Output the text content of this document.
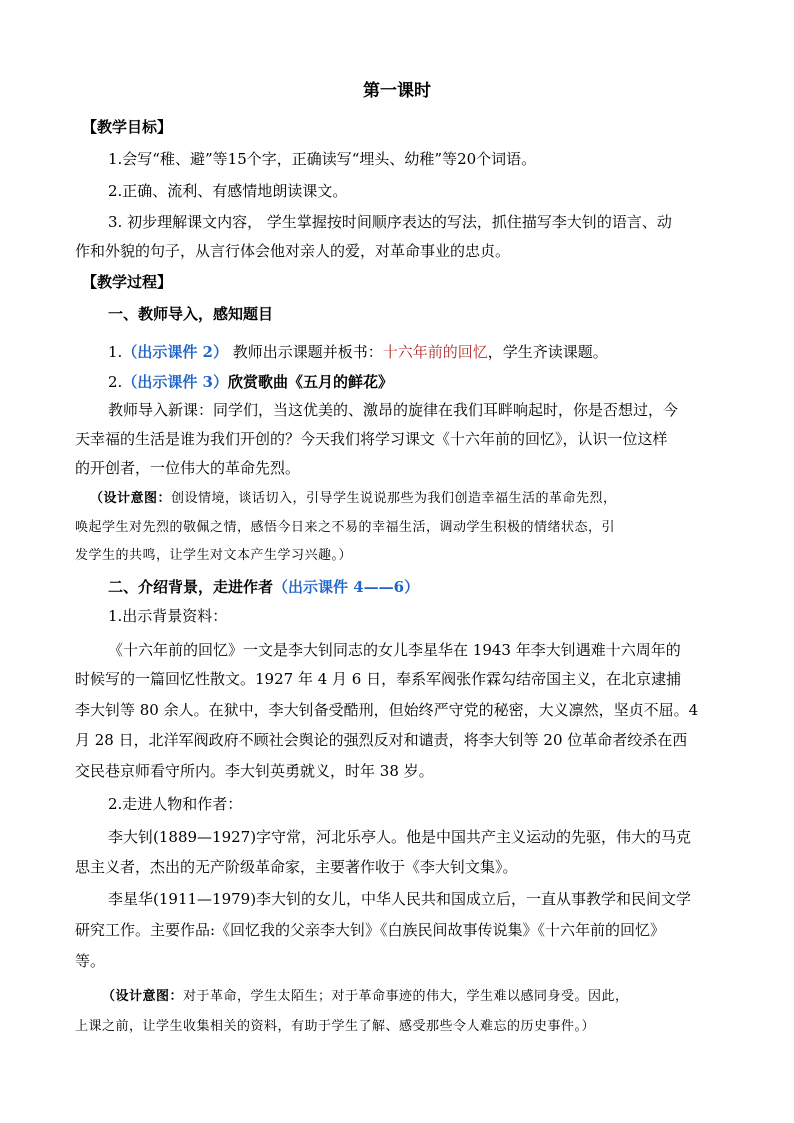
第一课时
【教学目标】
1.会写“稚、避”等15个字，正确读写“埋头、幼稚”等20个词语。
2.正确、流利、有感情地朗读课文。
3. 初步理解课文内容， 学生掌握按时间顺序表达的写法，抓住描写李大钊的语言、动
作和外貌的句子，从言行体会他对亲人的爱，对革命事业的忠贞。
【教学过程】
一、教师导入，感知题目
1.（出示课件 2） 教师出示课题并板书：十六年前的回忆，学生齐读课题。
2.（出示课件 3）欣赏歌曲《五月的鲜花》
教师导入新课：同学们，当这优美的、激昂的旋律在我们耳畔响起时，你是否想过，今
天幸福的生活是谁为我们开创的？今天我们将学习课文《十六年前的回忆》，认识一位这样
的开创者，一位伟大的革命先烈。
（设计意图：创设情境，谈话切入，引导学生说说那些为我们创造幸福生活的革命先烈，
唤起学生对先烈的敬佩之情，感悟今日来之不易的幸福生活，调动学生积极的情绪状态，引
发学生的共鸣，让学生对文本产生学习兴趣。）
二、介绍背景，走进作者（出示课件 4——6）
1.出示背景资料：
《十六年前的回忆》一文是李大钊同志的女儿李星华在 1943 年李大钊遇难十六周年的
时候写的一篇回忆性散文。1927 年 4 月 6 日，奉系军阀张作霖勾结帝国主义，在北京逮捕
李大钊等 80 余人。在狱中，李大钊备受酷刑，但始终严守党的秘密，大义凛然，坚贞不屈。4
月 28 日，北洋军阀政府不顾社会舆论的强烈反对和谴责，将李大钊等 20 位革命者绞杀在西
交民巷京师看守所内。李大钊英勇就义，时年 38 岁。
2.走进人物和作者：
李大钊(1889—1927)字守常，河北乐亭人。他是中国共产主义运动的先驱，伟大的马克
思主义者，杰出的无产阶级革命家，主要著作收于《李大钊文集》。
李星华(1911—1979)李大钊的女儿，中华人民共和国成立后，一直从事教学和民间文学
研究工作。主要作品:《回忆我的父亲李大钊》《白族民间故事传说集》《十六年前的回忆》
等。
（设计意图：对于革命，学生太陌生；对于革命事迹的伟大，学生难以感同身受。因此，
上课之前，让学生收集相关的资料，有助于学生了解、感受那些令人难忘的历史事件。）
